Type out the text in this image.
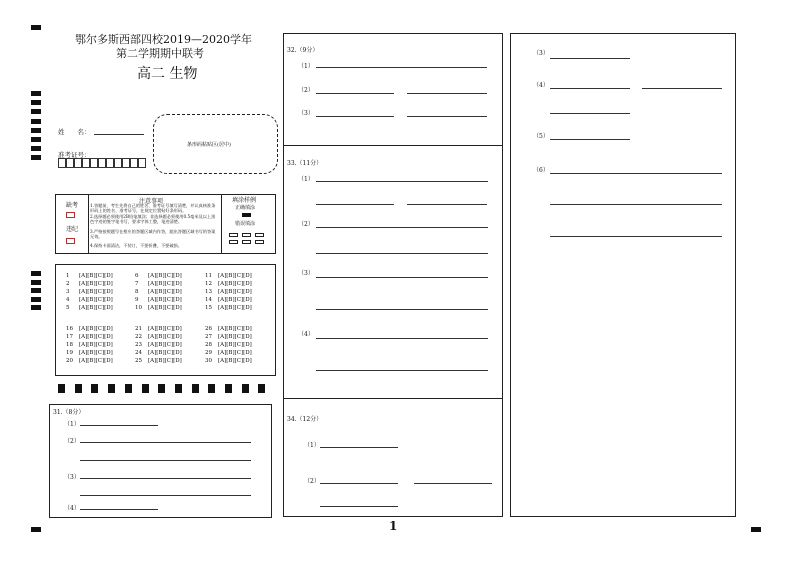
鄂尔多斯西部四校2019—2020学年
第二学期期中联考
高二 生物
姓　　名：
准考证号：
条形码粘贴区(居中)
缺考
违纪
注意事项
1.答题前，考生先将自己的姓名、准考证号填写清楚，并认真核准条形码上的姓名、准考证号，在规定位置贴好条形码。
2.选择题必须使用2B铅笔填涂；非选择题必须使用0.5毫米及以上黑色字迹的签字笔书写，要求字体工整，笔迹清楚。
3.严格按照题号在相应的答题区域内作答，超出答题区域书写的答案无效。
4.保持卡面清洁，不装订，不要折叠，不要破损。
填涂样例
正确填涂
错误填涂
31.（8分）
（1）
（2）
（3）
（4）
32.（9分）
（1）
（2）
（3）
33.（11分）
（1）
（2）
（3）
（4）
34.（12分）
（1）
（2）
（3）
（4）
（5）
（6）
1
1 [A][B][C][D]
2 [A][B][C][D]
3 [A][B][C][D]
4 [A][B][C][D]
5 [A][B][C][D]
6 [A][B][C][D]
7 [A][B][C][D]
8 [A][B][C][D]
9 [A][B][C][D]
10 [A][B][C][D]
11 [A][B][C][D]
12 [A][B][C][D]
13 [A][B][C][D]
14 [A][B][C][D]
15 [A][B][C][D]
16 [A][B][C][D]
17 [A][B][C][D]
18 [A][B][C][D]
19 [A][B][C][D]
20 [A][B][C][D]
21 [A][B][C][D]
22 [A][B][C][D]
23 [A][B][C][D]
24 [A][B][C][D]
25 [A][B][C][D]
26 [A][B][C][D]
27 [A][B][C][D]
28 [A][B][C][D]
29 [A][B][C][D]
30 [A][B][C][D]
